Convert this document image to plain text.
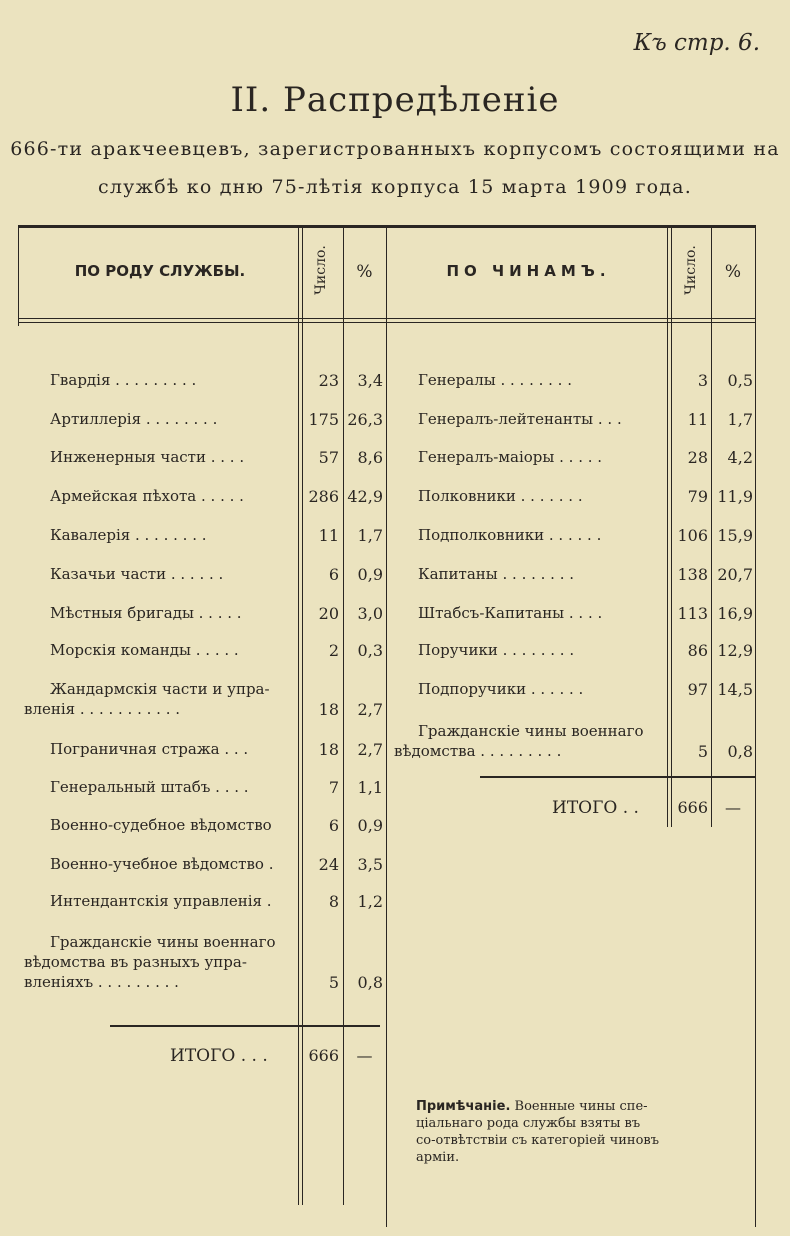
Къ стр. 6.
II. Распредѣленіе
666-ти аракчеевцевъ, зарегистрованныхъ корпусомъ состоящими на
службѣ ко дню 75-лѣтія корпуса 15 марта 1909 года.
ПО РОДУ СЛУЖБЫ.	Число.	%	ПО ЧИНАМЪ.	Число.	%
Гвардія . . . . . . . . .	23	3,4
Артиллерія . . . . . . . .	175 26,3
Инженерныя части . . . .	57	8,6
Армейская пѣхота . . . . .	286 42,9
Кавалерія . . . . . . . .	11	1,7
Казачьи части . . . . . .	6	0,9
Мѣстныя бригады . . . . .	20	3,0
Морскія команды . . . . .	2	0,3
Жандармскія части и упра-
вленія . . . . . . . . . . .	18	2,7
Пограничная стража . . .	18	2,7
Генеральный штабъ . . . .	7	1,1
Военно-судебное вѣдомство	6	0,9
Военно-учебное вѣдомство .	24	3,5
Интендантскія управленія .	8	1,2
Гражданскіе чины военнаго
вѣдомства въ разныхъ упра-
вленіяхъ . . . . . . . . .	5	0,8
Генералы . . . . . . . .	3	0,5
Генералъ-лейтенанты . . .	11	1,7
Генералъ-маіоры . . . . .	28	4,2
Полковники . . . . . . .	79 11,9
Подполковники . . . . . .	106 15,9
Капитаны . . . . . . . .	138 20,7
Штабсъ-Капитаны . . . .	113 16,9
Поручики . . . . . . . .	86 12,9
Подпоручики . . . . . .	97 14,5
Гражданскіе чины военнаго
вѣдомства . . . . . . . . .	5	0,8
ИТОГО . . .	666	—
ИТОГО . .	666	—
Примѣчаніе. Военные чины спе-ціальнаго рода службы взяты въ со-отвѣтствіи съ категоріей чиновъ арміи.
